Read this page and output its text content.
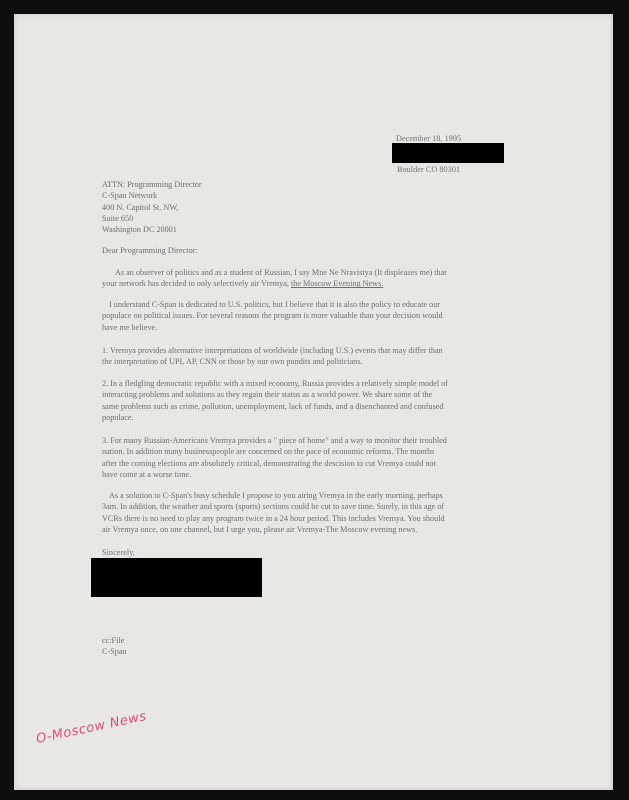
December 18, 1995
Boulder CO 80301
ATTN: Programming Director
C-Span Network
400 N. Capitol St. NW,
Suite 650
Washington DC 20001
Dear Programming Director:
As an observer of politics and as a student of Russian, I say Mne Ne Nravistya (It displeases me) that
your network has decided to only selectively air Vremya, the Moscow Evening News.
I understand C-Span is dedicated to U.S. politics, but I believe that it is also the policy to educate our
populace on political issues. For several reasons the program is more valuable than your decision would
have me believe.
1. Vremya provides alternative interpretations of worldwide (including U.S.) events that may differ than
the interpretation of UPI, AP, CNN or those by our own pundits and politicians.
2. In a fledgling democratic republic with a mixed economy, Russia provides a relatively simple model of
interacting problems and solutions as they regain their status as a world power. We share some of the
same problems such as crime, pollution, unemployment, lack of funds, and a disenchanted and confused
populace.
3. For many Russian-Americans Vremya provides a " piece of home" and a way to monitor their troubled
nation. In addition many businesspeople are concerned on the pace of economic reforms. The months
after the coming elections are absolutely critical, demonstrating the descision to cut Vremya could not
have come at a worse time.
As a solution to C-Span's busy schedule I propose to you airing Vremya in the early morning, perhaps
3am. In addition, the weather and sports (sports) sections could be cut to save time. Surely, in this age of
VCRs there is no need to play any program twice in a 24 hour period. This includes Vremya. You should
air Vremya once, on one channel, but I urge you, please air Vremya-The Moscow evening news.
Sincerely,
cc:File
C-Span
O-Moscow News
